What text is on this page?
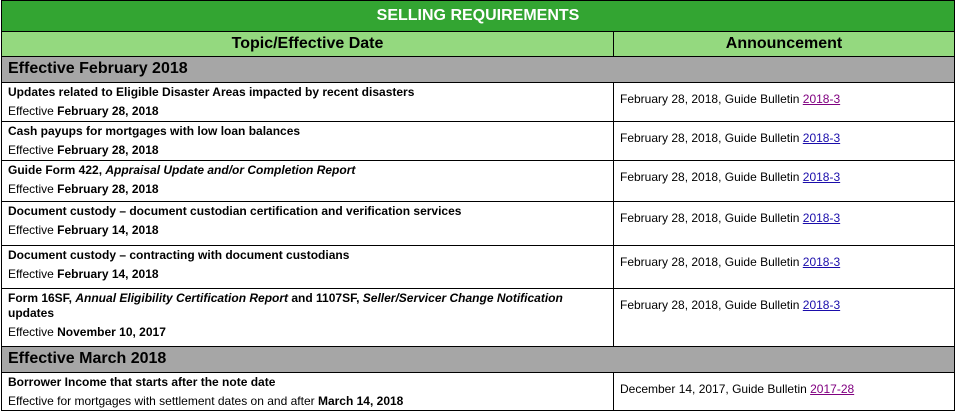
SELLING REQUIREMENTS	
Topic/Effective Date	Announcement
Effective February 2018	

Updates related to Eligible Disaster Areas impacted by recent disasters
Effective February 28, 2018	February 28, 2018, Guide Bulletin 2018-3

Cash payups for mortgages with low loan balances
Effective February 28, 2018	February 28, 2018, Guide Bulletin 2018-3

Guide Form 422, Appraisal Update and/or Completion Report
Effective February 28, 2018	February 28, 2018, Guide Bulletin 2018-3

Document custody – document custodian certification and verification services
Effective February 14, 2018	February 28, 2018, Guide Bulletin 2018-3

Document custody – contracting with document custodians
Effective February 14, 2018	February 28, 2018, Guide Bulletin 2018-3

Form 16SF, Annual Eligibility Certification Report and 1107SF, Seller/Servicer Change Notification updates
Effective November 10, 2017	February 28, 2018, Guide Bulletin 2018-3
Effective March 2018	

Borrower Income that starts after the note date
Effective for mortgages with settlement dates on and after March 14, 2018	December 14, 2017, Guide Bulletin 2017-28
